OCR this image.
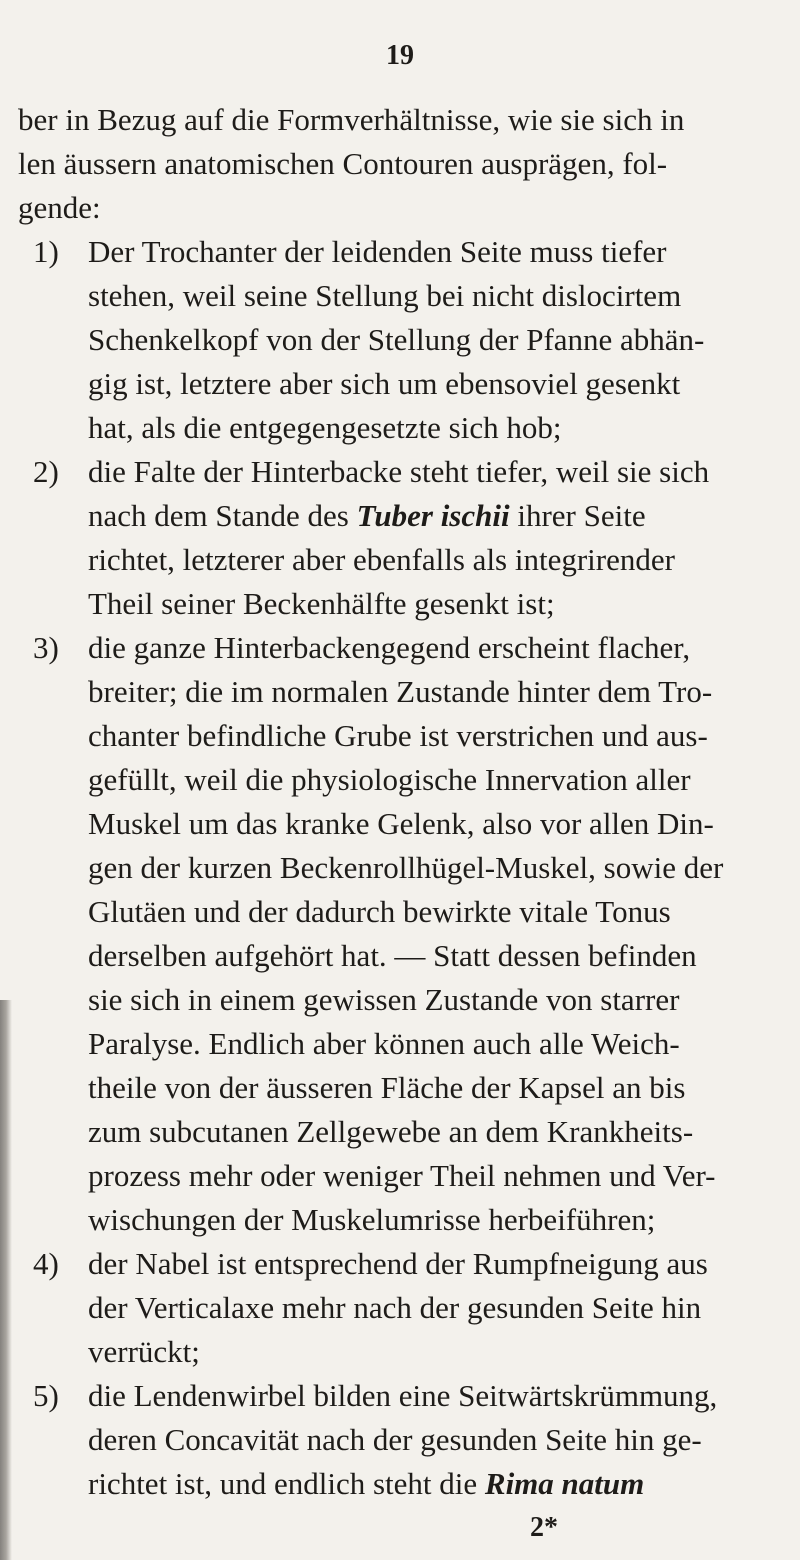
19
ber in Bezug auf die Formverhältnisse, wie sie sich in
len äussern anatomischen Contouren ausprägen, fol-
gende:
1) Der Trochanter der leidenden Seite muss tiefer
stehen, weil seine Stellung bei nicht dislocirtem
Schenkelkopf von der Stellung der Pfanne abhän-
gig ist, letztere aber sich um ebensoviel gesenkt
hat, als die entgegengesetzte sich hob;
2) die Falte der Hinterbacke steht tiefer, weil sie sich
nach dem Stande des Tuber ischii ihrer Seite
richtet, letzterer aber ebenfalls als integrirender
Theil seiner Beckenhälfte gesenkt ist;
3) die ganze Hinterbackengegend erscheint flacher,
breiter; die im normalen Zustande hinter dem Tro-
chanter befindliche Grube ist verstrichen und aus-
gefüllt, weil die physiologische Innervation aller
Muskel um das kranke Gelenk, also vor allen Din-
gen der kurzen Beckenrollhügel-Muskel, sowie der
Glutäen und der dadurch bewirkte vitale Tonus
derselben aufgehört hat. — Statt dessen befinden
sie sich in einem gewissen Zustande von starrer
Paralyse. Endlich aber können auch alle Weich-
theile von der äusseren Fläche der Kapsel an bis
zum subcutanen Zellgewebe an dem Krankheits-
prozess mehr oder weniger Theil nehmen und Ver-
wischungen der Muskelumrisse herbeiführen;
4) der Nabel ist entsprechend der Rumpfneigung aus
der Verticalaxe mehr nach der gesunden Seite hin
verrückt;
5) die Lendenwirbel bilden eine Seitwärtskrümmung,
deren Concavität nach der gesunden Seite hin ge-
richtet ist, und endlich steht die Rima natum
2*
